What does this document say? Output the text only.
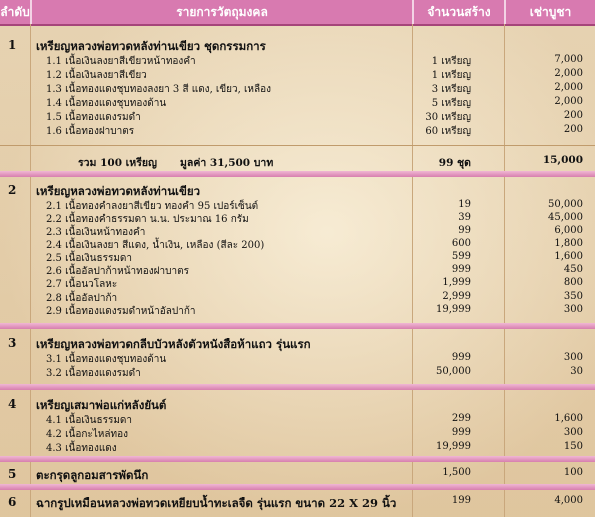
ลำดับ	รายการวัตถุมงคล	จำนวนสร้าง	เช่าบูชา
1 เหรียญหลวงพ่อทวดหลังท่านเขียว ชุดกรรมการ
1.1 เนื้อเงินลงยาสีเขียวหน้าทองคำ	1 เหรียญ	7,000
1.2 เนื้อเงินลงยาสีเขียว	1 เหรียญ	2,000
1.3 เนื้อทองแดงชุบทองลงยา 3 สี แดง, เขียว, เหลือง	3 เหรียญ	2,000
1.4 เนื้อทองแดงชุบทองด้าน	5 เหรียญ	2,000
1.5 เนื้อทองแดงรมดำ	30 เหรียญ	200
1.6 เนื้อทองฝาบาตร	60 เหรียญ	200
รวม 100 เหรียญ มูลค่า 31,500 บาท	99 ชุด	15,000
2 เหรียญหลวงพ่อทวดหลังท่านเขียว
2.1 เนื้อทองคำลงยาสีเขียว ทองคำ 95 เปอร์เซ็นต์	19	50,000
2.2 เนื้อทองคำธรรมดา น.น. ประมาณ 16 กรัม	39	45,000
2.3 เนื้อเงินหน้าทองคำ	99	6,000
2.4 เนื้อเงินลงยา สีแดง, น้ำเงิน, เหลือง (สีละ 200)	600	1,800
2.5 เนื้อเงินธรรมดา	599	1,600
2.6 เนื้ออัลปาก้าหน้าทองฝาบาตร	999	450
2.7 เนื้อนวโลหะ	1,999	800
2.8 เนื้ออัลปาก้า	2,999	350
2.9 เนื้อทองแดงรมดำหน้าอัลปาก้า	19,999	300
3 เหรียญหลวงพ่อทวดกลีบบัวหลังตัวหนังสือห้าแถว รุ่นแรก
3.1 เนื้อทองแดงชุบทองด้าน	999	300
3.2 เนื้อทองแดงรมดำ	50,000	30
4 เหรียญเสมาพ่อแก่หลังยันต์
4.1 เนื้อเงินธรรมดา	299	1,600
4.2 เนื้อกะไหล่ทอง	999	300
4.3 เนื้อทองแดง	19,999	150
5 ตะกรุดลูกอมสารพัดนึก	1,500	100
6 ฉากรูปเหมือนหลวงพ่อทวดเหยียบน้ำทะเลจืด รุ่นแรก ขนาด 22 X 29 นิ้ว	199	4,000
